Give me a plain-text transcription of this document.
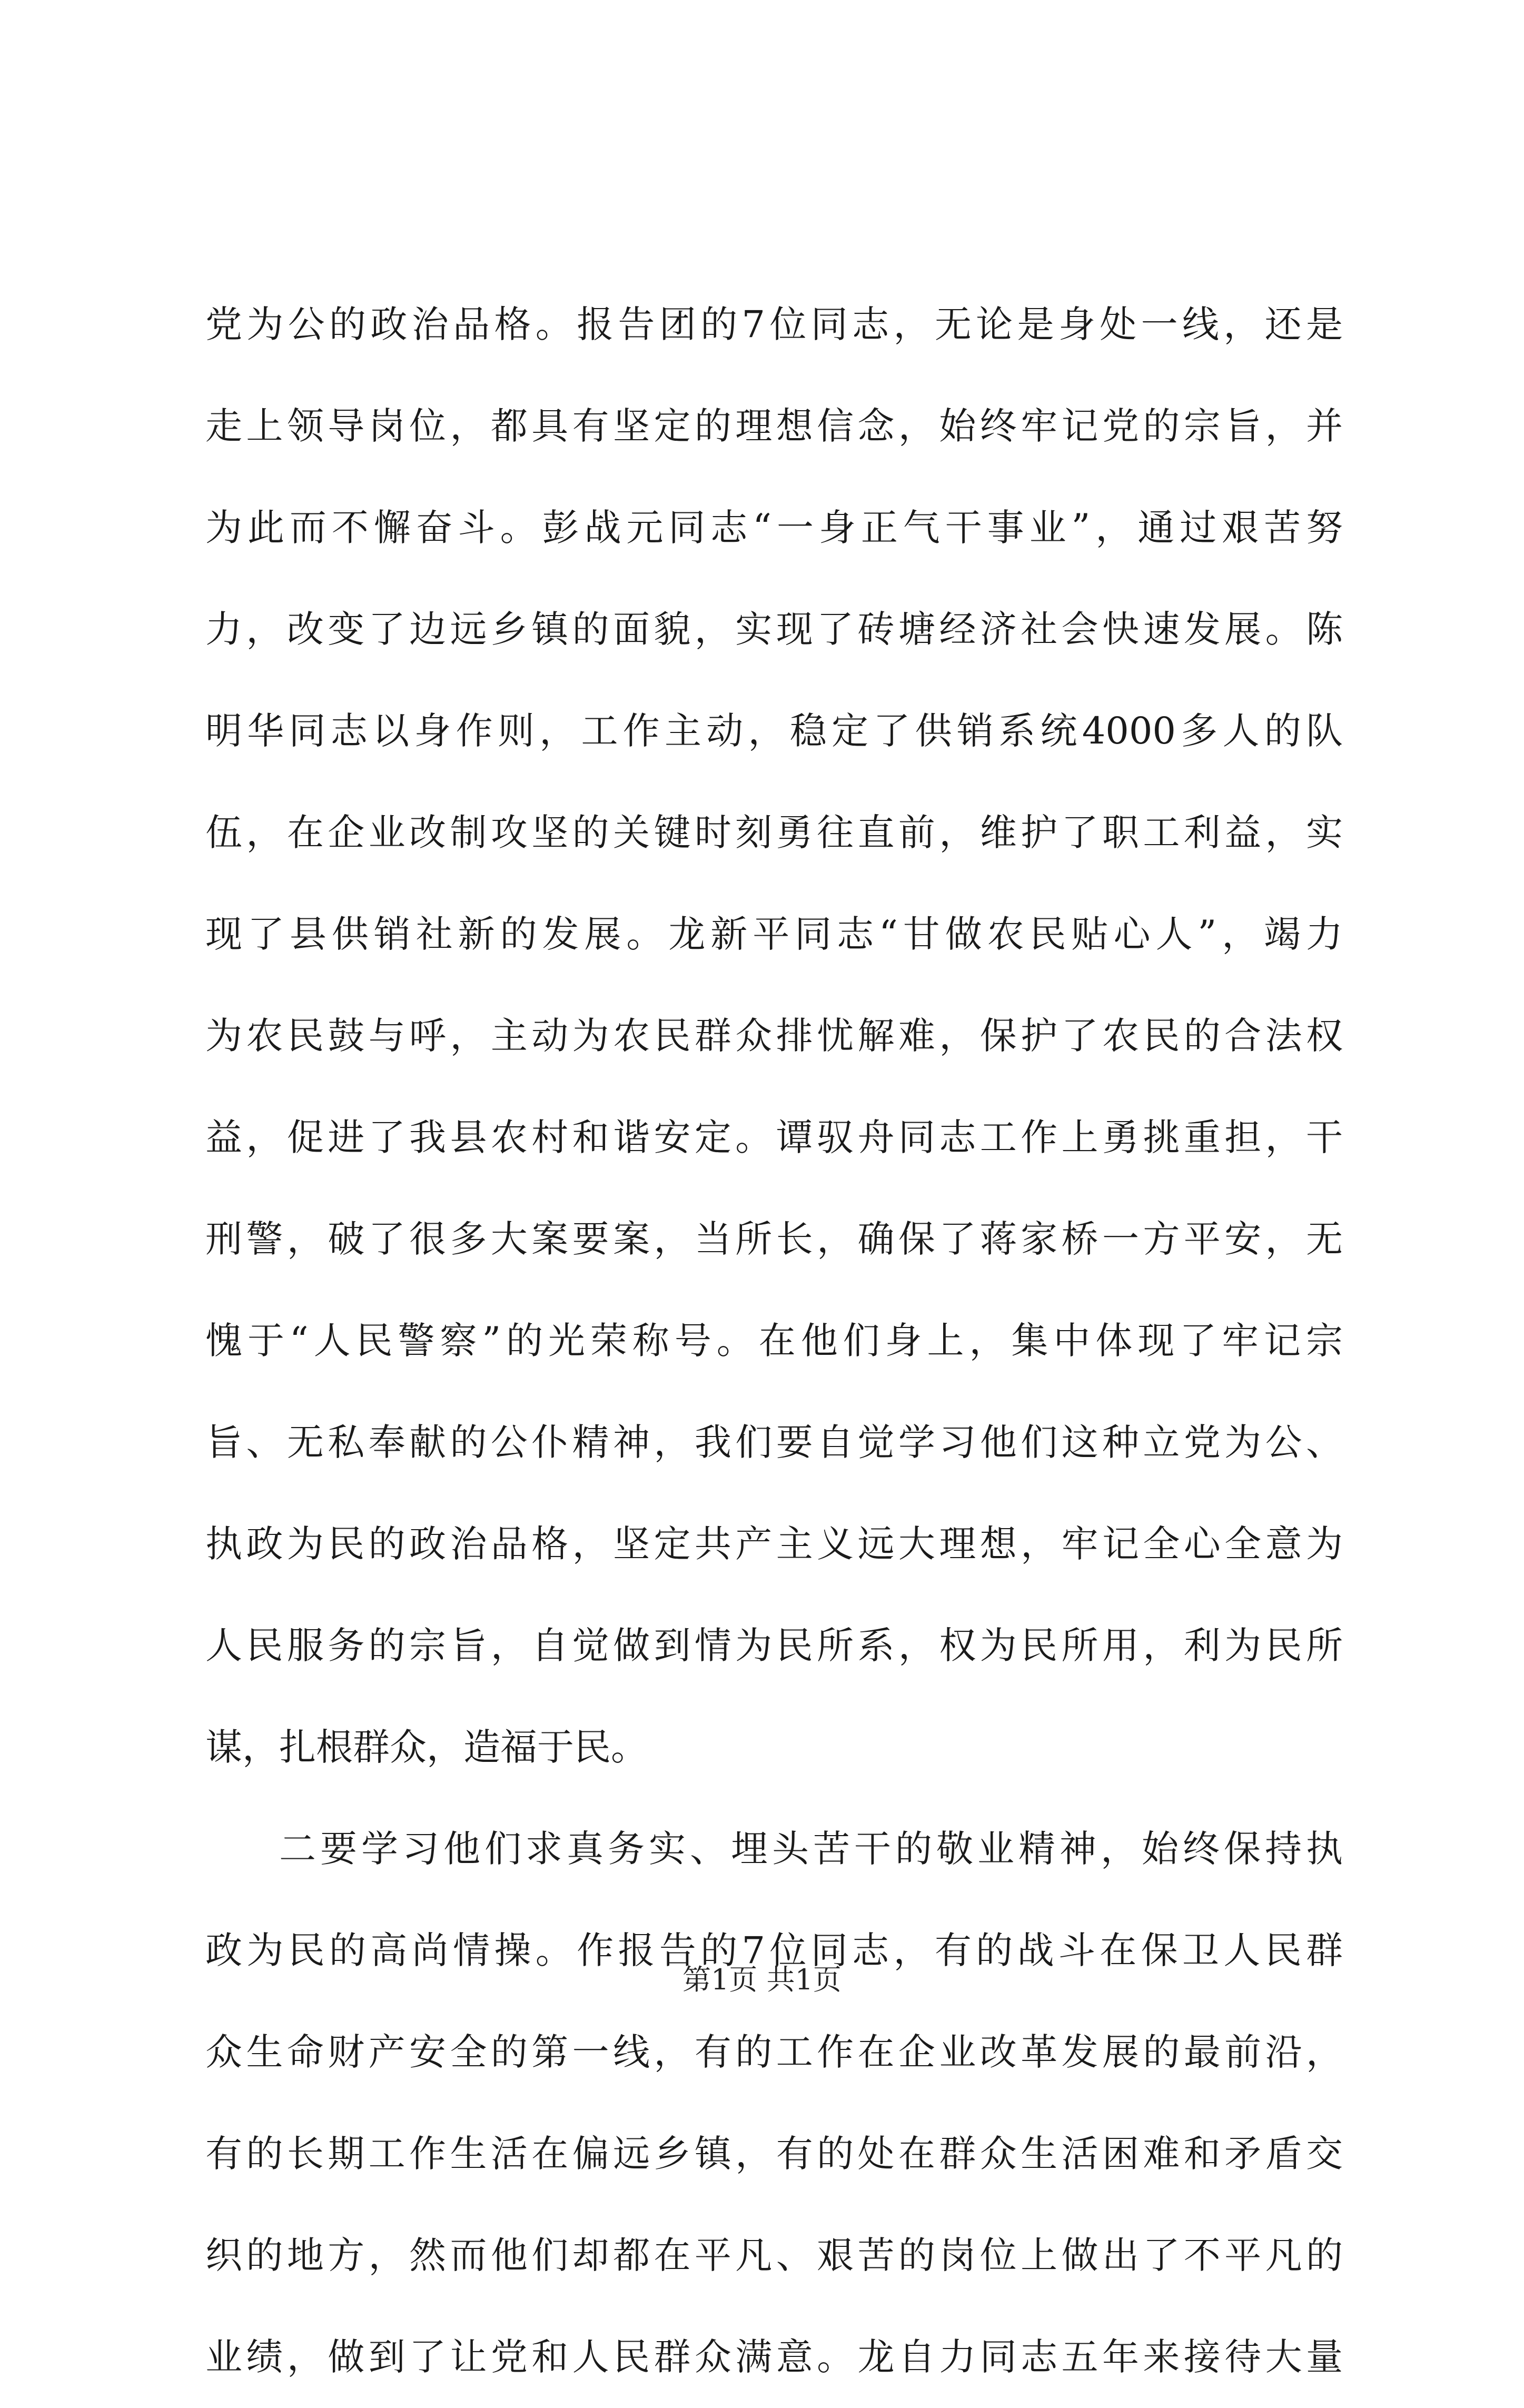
党为公的政治品格。报告团的7位同志，无论是身处一线，还是
走上领导岗位，都具有坚定的理想信念，始终牢记党的宗旨，并
为此而不懈奋斗。彭战元同志“一身正气干事业”，通过艰苦努
力，改变了边远乡镇的面貌，实现了砖塘经济社会快速发展。陈
明华同志以身作则，工作主动，稳定了供销系统4000多人的队
伍，在企业改制攻坚的关键时刻勇往直前，维护了职工利益，实
现了县供销社新的发展。龙新平同志“甘做农民贴心人”，竭力
为农民鼓与呼，主动为农民群众排忧解难，保护了农民的合法权
益，促进了我县农村和谐安定。谭驭舟同志工作上勇挑重担，干
刑警，破了很多大案要案，当所长，确保了蒋家桥一方平安，无
愧于“人民警察”的光荣称号。在他们身上，集中体现了牢记宗
旨、无私奉献的公仆精神，我们要自觉学习他们这种立党为公、
执政为民的政治品格，坚定共产主义远大理想，牢记全心全意为
人民服务的宗旨，自觉做到情为民所系，权为民所用，利为民所
谋，扎根群众，造福于民。
二要学习他们求真务实、埋头苦干的敬业精神，始终保持执
政为民的高尚情操。作报告的7位同志，有的战斗在保卫人民群
众生命财产安全的第一线，有的工作在企业改革发展的最前沿，
有的长期工作生活在偏远乡镇，有的处在群众生活困难和矛盾交
织的地方，然而他们却都在平凡、艰苦的岗位上做出了不平凡的
业绩，做到了让党和人民群众满意。龙自力同志五年来接待大量
第1页 共1页
